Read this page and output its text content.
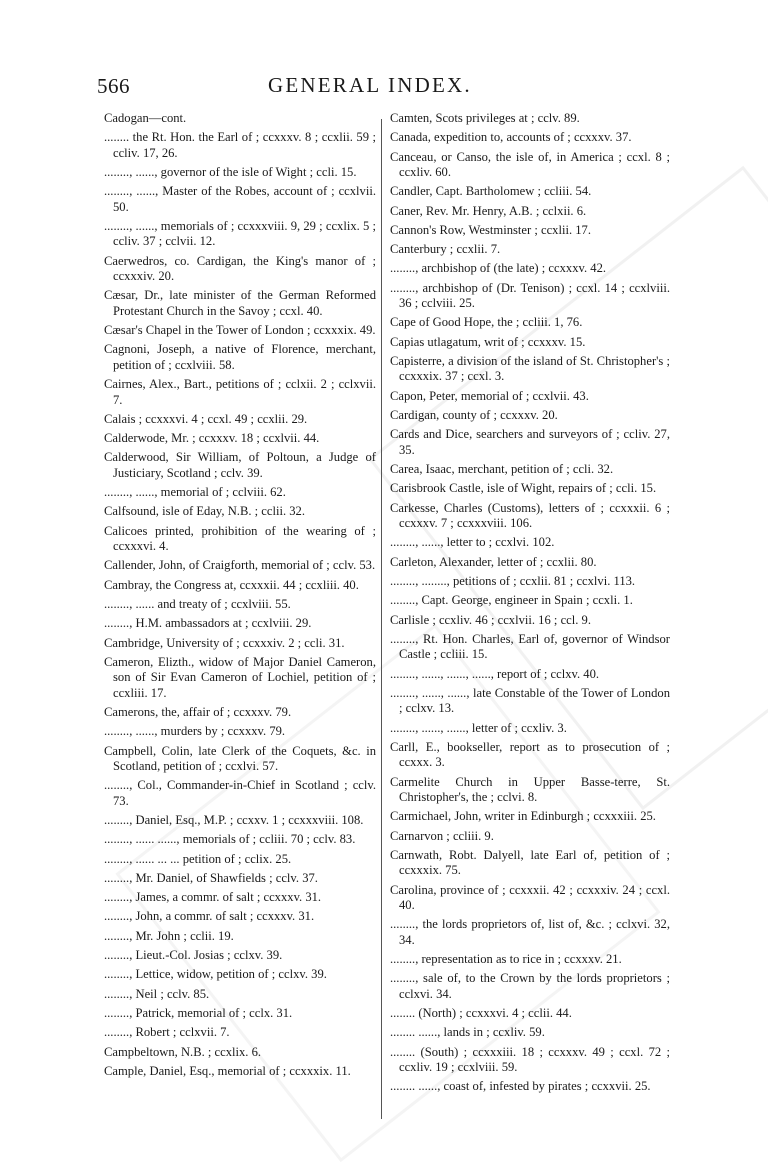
566	GENERAL INDEX.
Cadogan—cont.
........ the Rt. Hon. the Earl of ; ccxxxv. 8 ; ccxlii. 59 ; ccliv. 17, 26.
........, ......, governor of the isle of Wight ; ccli. 15.
........, ......, Master of the Robes, account of ; ccxlvii. 50.
........, ......, memorials of ; ccxxxviii. 9, 29 ; ccxlix. 5 ; ccliv. 37 ; cclvii. 12.
Caerwedros, co. Cardigan, the King's manor of ; ccxxxiv. 20.
Cæsar, Dr., late minister of the German Reformed Protestant Church in the Savoy ; ccxl. 40.
Cæsar's Chapel in the Tower of London ; ccxxxix. 49.
Cagnoni, Joseph, a native of Florence, merchant, petition of ; ccxlviii. 58.
Cairnes, Alex., Bart., petitions of ; cclxii. 2 ; cclxvii. 7.
Calais ; ccxxxvi. 4 ; ccxl. 49 ; ccxlii. 29.
Calderwode, Mr. ; ccxxxv. 18 ; ccxlvii. 44.
Calderwood, Sir William, of Poltoun, a Judge of Justiciary, Scotland ; cclv. 39.
........, ......, memorial of ; cclviii. 62.
Calfsound, isle of Eday, N.B. ; cclii. 32.
Calicoes printed, prohibition of the wearing of ; ccxxxvi. 4.
Callender, John, of Craigforth, memorial of ; cclv. 53.
Cambray, the Congress at, ccxxxii. 44 ; ccxliii. 40.
........, ...... and treaty of ; ccxlviii. 55.
........, H.M. ambassadors at ; ccxlviii. 29.
Cambridge, University of ; ccxxxiv. 2 ; ccli. 31.
Cameron, Elizth., widow of Major Daniel Cameron, son of Sir Evan Cameron of Lochiel, petition of ; ccxliii. 17.
Camerons, the, affair of ; ccxxxv. 79.
........, ......, murders by ; ccxxxv. 79.
Campbell, Colin, late Clerk of the Coquets, &c. in Scotland, petition of ; ccxlvi. 57.
........, Col., Commander-in-Chief in Scotland ; cclv. 73.
........, Daniel, Esq., M.P. ; ccxxv. 1 ; ccxxxviii. 108.
........, ...... ......, memorials of ; ccliii. 70 ; cclv. 83.
........, ...... ... ... petition of ; cclix. 25.
........, Mr. Daniel, of Shawfields ; cclv. 37.
........, James, a commr. of salt ; ccxxxv. 31.
........, John, a commr. of salt ; ccxxxv. 31.
........, Mr. John ; cclii. 19.
........, Lieut.-Col. Josias ; cclxv. 39.
........, Lettice, widow, petition of ; cclxv. 39.
........, Neil ; cclv. 85.
........, Patrick, memorial of ; cclx. 31.
........, Robert ; cclxvii. 7.
Campbeltown, N.B. ; ccxlix. 6.
Cample, Daniel, Esq., memorial of ; ccxxxix. 11.
Camten, Scots privileges at ; cclv. 89.
Canada, expedition to, accounts of ; ccxxxv. 37.
Canceau, or Canso, the isle of, in America ; ccxl. 8 ; ccxliv. 60.
Candler, Capt. Bartholomew ; ccliii. 54.
Caner, Rev. Mr. Henry, A.B. ; cclxii. 6.
Cannon's Row, Westminster ; ccxlii. 17.
Canterbury ; ccxlii. 7.
........, archbishop of (the late) ; ccxxxv. 42.
........, archbishop of (Dr. Tenison) ; ccxl. 14 ; ccxlviii. 36 ; cclviii. 25.
Cape of Good Hope, the ; ccliii. 1, 76.
Capias utlagatum, writ of ; ccxxxv. 15.
Capisterre, a division of the island of St. Christopher's ; ccxxxix. 37 ; ccxl. 3.
Capon, Peter, memorial of ; ccxlvii. 43.
Cardigan, county of ; ccxxxv. 20.
Cards and Dice, searchers and surveyors of ; ccliv. 27, 35.
Carea, Isaac, merchant, petition of ; ccli. 32.
Carisbrook Castle, isle of Wight, repairs of ; ccli. 15.
Carkesse, Charles (Customs), letters of ; ccxxxii. 6 ; ccxxxv. 7 ; ccxxxviii. 106.
........, ......, letter to ; ccxlvi. 102.
Carleton, Alexander, letter of ; ccxlii. 80.
........, ........, petitions of ; ccxlii. 81 ; ccxlvi. 113.
........, Capt. George, engineer in Spain ; ccxli. 1.
Carlisle ; ccxliv. 46 ; ccxlvii. 16 ; ccl. 9.
........, Rt. Hon. Charles, Earl of, governor of Windsor Castle ; ccliii. 15.
........, ......, ......, ......, report of ; cclxv. 40.
........, ......, ......, late Constable of the Tower of London ; cclxv. 13.
........, ......, ......, letter of ; ccxliv. 3.
Carll, E., bookseller, report as to prosecution of ; ccxxx. 3.
Carmelite Church in Upper Basse-terre, St. Christopher's, the ; cclvi. 8.
Carmichael, John, writer in Edinburgh ; ccxxxiii. 25.
Carnarvon ; ccliii. 9.
Carnwath, Robt. Dalyell, late Earl of, petition of ; ccxxxix. 75.
Carolina, province of ; ccxxxii. 42 ; ccxxxiv. 24 ; ccxl. 40.
........, the lords proprietors of, list of, &c. ; cclxvi. 32, 34.
........, representation as to rice in ; ccxxxv. 21.
........, sale of, to the Crown by the lords proprietors ; cclxvi. 34.
........ (North) ; ccxxxvi. 4 ; cclii. 44.
........ ......, lands in ; ccxliv. 59.
........ (South) ; ccxxxiii. 18 ; ccxxxv. 49 ; ccxl. 72 ; ccxliv. 19 ; ccxlviii. 59.
........ ......, coast of, infested by pirates ; ccxxvii. 25.
